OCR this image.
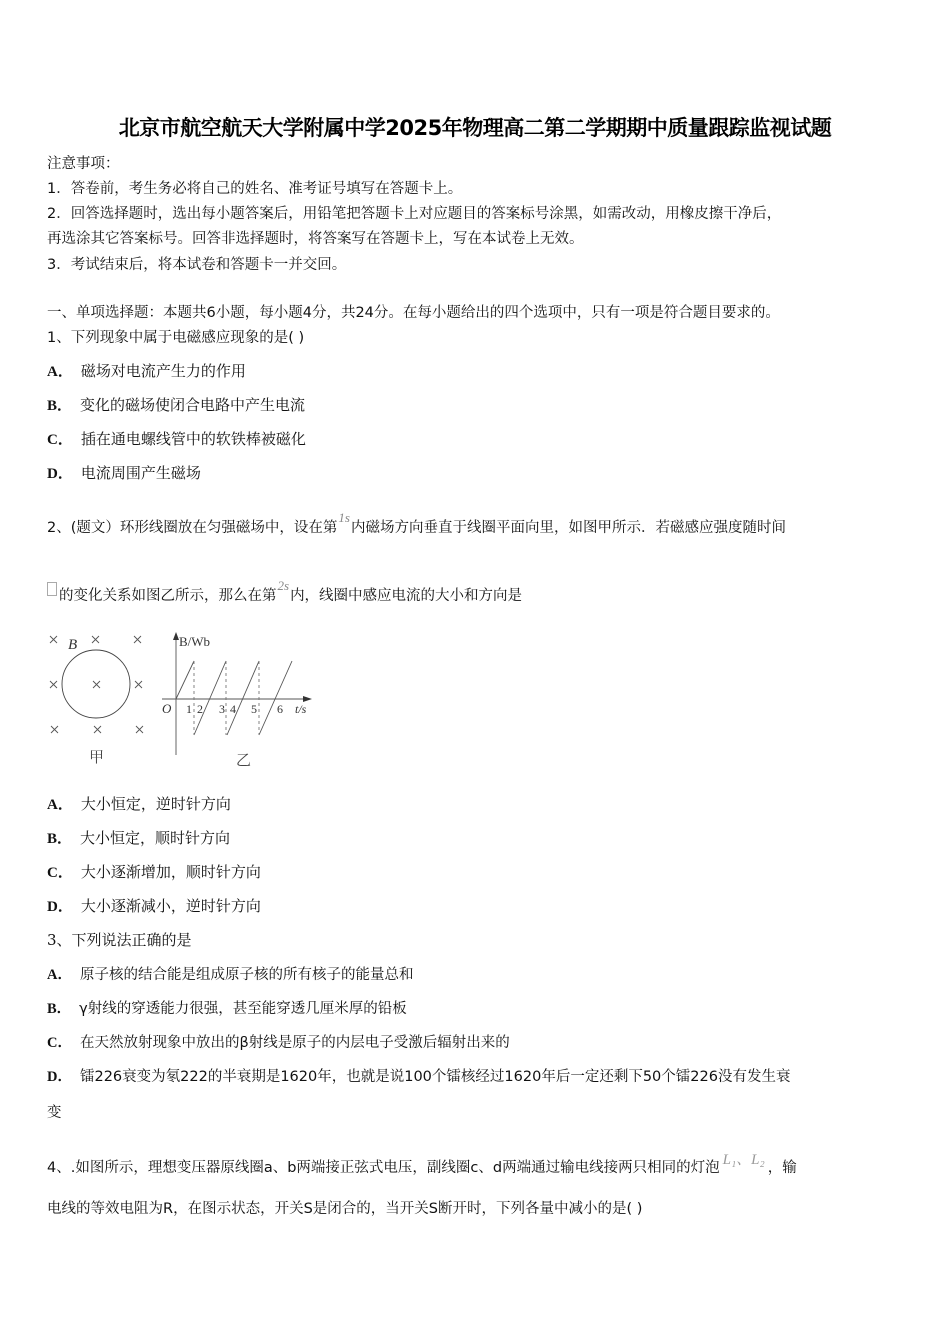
北京市航空航天大学附属中学2025年物理高二第二学期期中质量跟踪监视试题
注意事项：
1．答卷前，考生务必将自己的姓名、准考证号填写在答题卡上。
2．回答选择题时，选出每小题答案后，用铅笔把答题卡上对应题目的答案标号涂黑，如需改动，用橡皮擦干净后，
再选涂其它答案标号。回答非选择题时，将答案写在答题卡上，写在本试卷上无效。
3．考试结束后，将本试卷和答题卡一并交回。
一、单项选择题：本题共6小题，每小题4分，共24分。在每小题给出的四个选项中，只有一项是符合题目要求的。
1、下列现象中属于电磁感应现象的是( )
A． 磁场对电流产生力的作用
B． 变化的磁场使闭合电路中产生电流
C． 插在通电螺线管中的软铁棒被磁化
D． 电流周围产生磁场
2、(题文）环形线圈放在匀强磁场中，设在第1s内磁场方向垂直于线圈平面向里，如图甲所示．若磁感应强度随时间
的变化关系如图乙所示，那么在第2s内，线圈中感应电流的大小和方向是
B
甲
B/Wb
O 1 2 3 4 5 6 t/s
乙
A． 大小恒定，逆时针方向
B． 大小恒定，顺时针方向
C． 大小逐渐增加，顺时针方向
D． 大小逐渐减小，逆时针方向
3、下列说法正确的是
A． 原子核的结合能是组成原子核的所有核子的能量总和
B． γ射线的穿透能力很强，甚至能穿透几厘米厚的铅板
C． 在天然放射现象中放出的β射线是原子的内层电子受激后辐射出来的
D． 镭226衰变为氡222的半衰期是1620年，也就是说100个镭核经过1620年后一定还剩下50个镭226没有发生衰
变
4、.如图所示，理想变压器原线圈a、b两端接正弦式电压，副线圈c、d两端通过输电线接两只相同的灯泡 L₁、L₂ ，输
电线的等效电阻为R，在图示状态，开关S是闭合的，当开关S断开时，下列各量中减小的是( )
